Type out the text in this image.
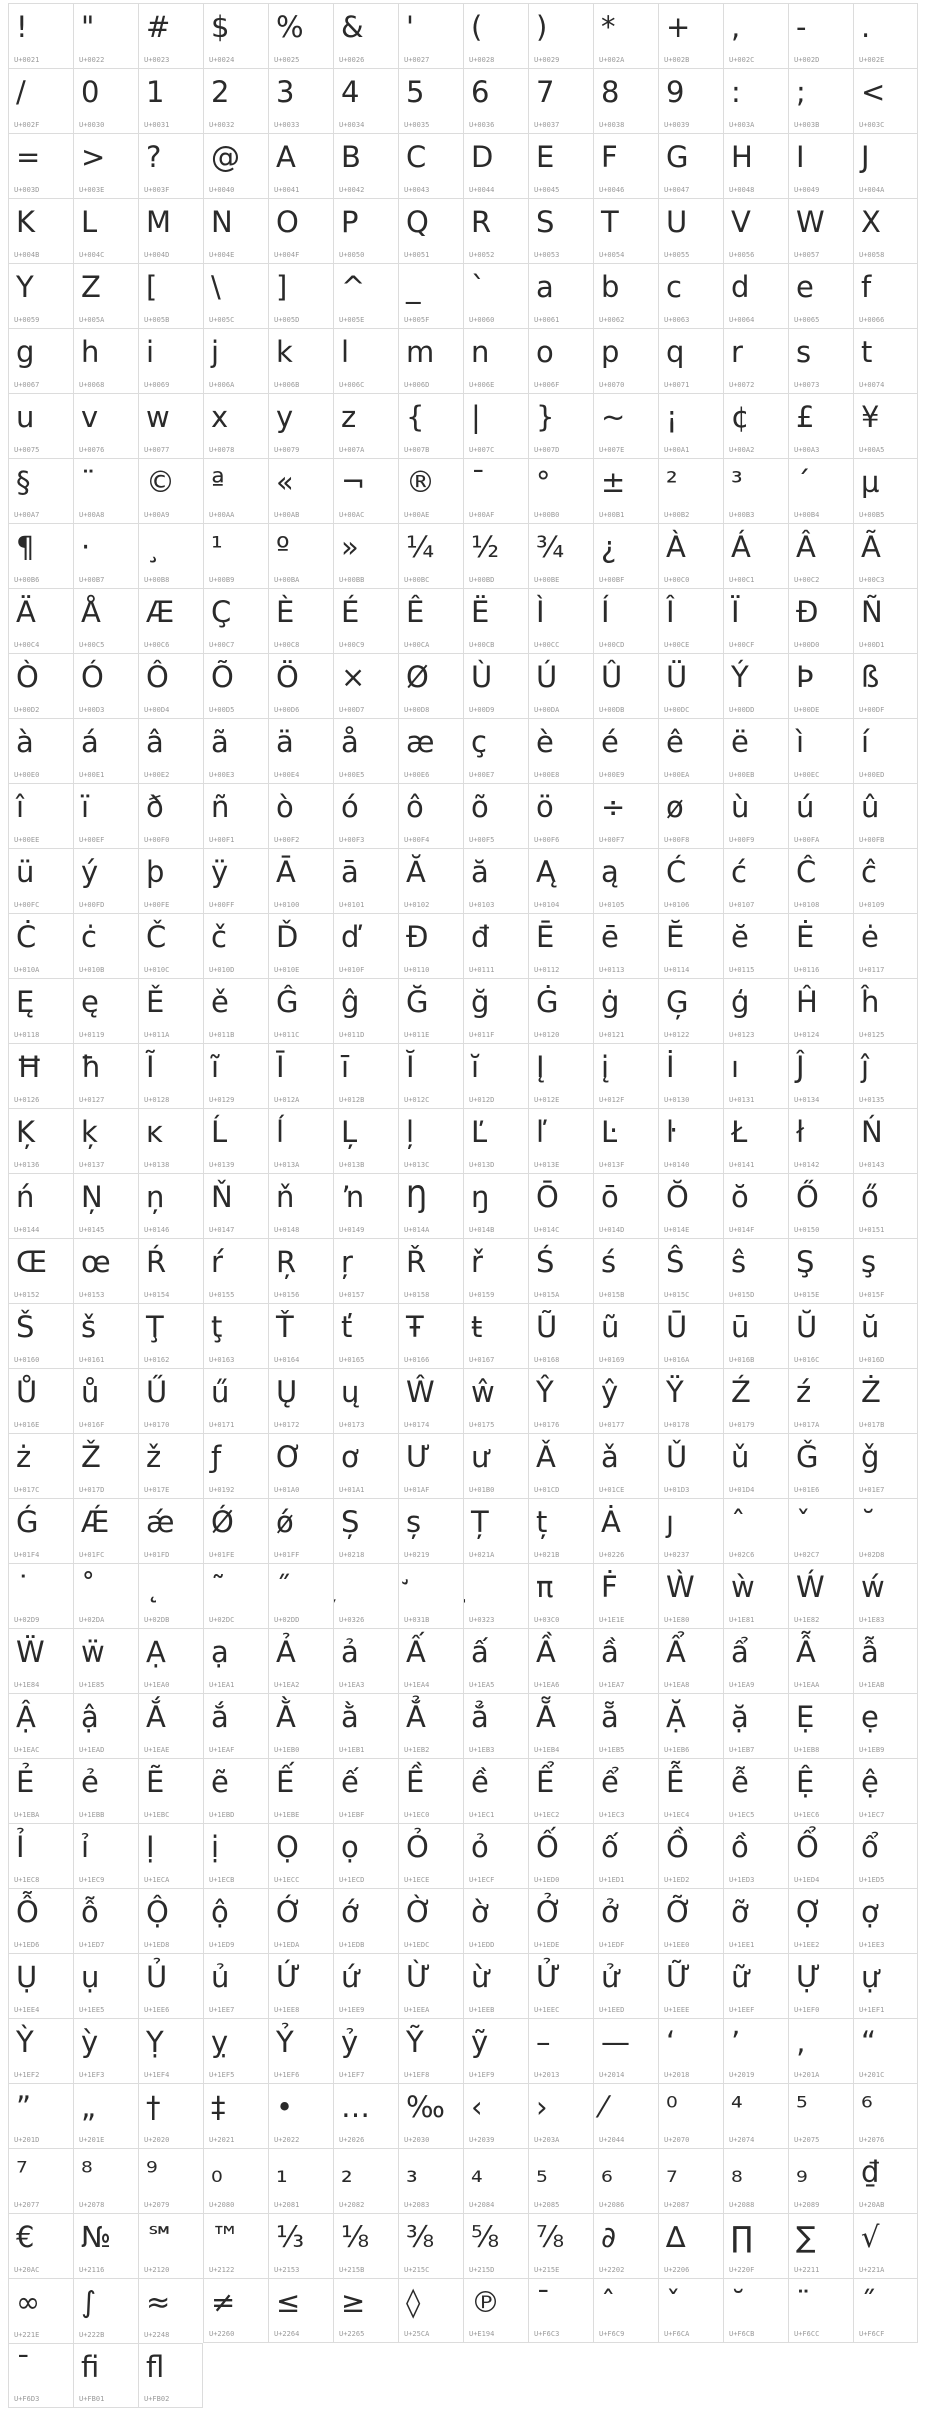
!
U+0021
"
U+0022
#
U+0023
$
U+0024
%
U+0025
&
U+0026
'
U+0027
(
U+0028
)
U+0029
*
U+002A
+
U+002B
,
U+002C
-
U+002D
.
U+002E
/
U+002F
0
U+0030
1
U+0031
2
U+0032
3
U+0033
4
U+0034
5
U+0035
6
U+0036
7
U+0037
8
U+0038
9
U+0039
:
U+003A
;
U+003B
<
U+003C
=
U+003D
>
U+003E
?
U+003F
@
U+0040
A
U+0041
B
U+0042
C
U+0043
D
U+0044
E
U+0045
F
U+0046
G
U+0047
H
U+0048
I
U+0049
J
U+004A
K
U+004B
L
U+004C
M
U+004D
N
U+004E
O
U+004F
P
U+0050
Q
U+0051
R
U+0052
S
U+0053
T
U+0054
U
U+0055
V
U+0056
W
U+0057
X
U+0058
Y
U+0059
Z
U+005A
[
U+005B
\
U+005C
]
U+005D
^
U+005E
_
U+005F
`
U+0060
a
U+0061
b
U+0062
c
U+0063
d
U+0064
e
U+0065
f
U+0066
g
U+0067
h
U+0068
i
U+0069
j
U+006A
k
U+006B
l
U+006C
m
U+006D
n
U+006E
o
U+006F
p
U+0070
q
U+0071
r
U+0072
s
U+0073
t
U+0074
u
U+0075
v
U+0076
w
U+0077
x
U+0078
y
U+0079
z
U+007A
{
U+007B
|
U+007C
}
U+007D
~
U+007E
¡
U+00A1
¢
U+00A2
£
U+00A3
¥
U+00A5
§
U+00A7
¨
U+00A8
©
U+00A9
ª
U+00AA
«
U+00AB
¬
U+00AC
®
U+00AE
¯
U+00AF
°
U+00B0
±
U+00B1
²
U+00B2
³
U+00B3
´
U+00B4
µ
U+00B5
¶
U+00B6
·
U+00B7
¸
U+00B8
¹
U+00B9
º
U+00BA
»
U+00BB
¼
U+00BC
½
U+00BD
¾
U+00BE
¿
U+00BF
À
U+00C0
Á
U+00C1
Â
U+00C2
Ã
U+00C3
Ä
U+00C4
Å
U+00C5
Æ
U+00C6
Ç
U+00C7
È
U+00C8
É
U+00C9
Ê
U+00CA
Ë
U+00CB
Ì
U+00CC
Í
U+00CD
Î
U+00CE
Ï
U+00CF
Ð
U+00D0
Ñ
U+00D1
Ò
U+00D2
Ó
U+00D3
Ô
U+00D4
Õ
U+00D5
Ö
U+00D6
×
U+00D7
Ø
U+00D8
Ù
U+00D9
Ú
U+00DA
Û
U+00DB
Ü
U+00DC
Ý
U+00DD
Þ
U+00DE
ß
U+00DF
à
U+00E0
á
U+00E1
â
U+00E2
ã
U+00E3
ä
U+00E4
å
U+00E5
æ
U+00E6
ç
U+00E7
è
U+00E8
é
U+00E9
ê
U+00EA
ë
U+00EB
ì
U+00EC
í
U+00ED
î
U+00EE
ï
U+00EF
ð
U+00F0
ñ
U+00F1
ò
U+00F2
ó
U+00F3
ô
U+00F4
õ
U+00F5
ö
U+00F6
÷
U+00F7
ø
U+00F8
ù
U+00F9
ú
U+00FA
û
U+00FB
ü
U+00FC
ý
U+00FD
þ
U+00FE
ÿ
U+00FF
Ā
U+0100
ā
U+0101
Ă
U+0102
ă
U+0103
Ą
U+0104
ą
U+0105
Ć
U+0106
ć
U+0107
Ĉ
U+0108
ĉ
U+0109
Ċ
U+010A
ċ
U+010B
Č
U+010C
č
U+010D
Ď
U+010E
ď
U+010F
Đ
U+0110
đ
U+0111
Ē
U+0112
ē
U+0113
Ĕ
U+0114
ĕ
U+0115
Ė
U+0116
ė
U+0117
Ę
U+0118
ę
U+0119
Ě
U+011A
ě
U+011B
Ĝ
U+011C
ĝ
U+011D
Ğ
U+011E
ğ
U+011F
Ġ
U+0120
ġ
U+0121
Ģ
U+0122
ģ
U+0123
Ĥ
U+0124
ĥ
U+0125
Ħ
U+0126
ħ
U+0127
Ĩ
U+0128
ĩ
U+0129
Ī
U+012A
ī
U+012B
Ĭ
U+012C
ĭ
U+012D
Į
U+012E
į
U+012F
İ
U+0130
ı
U+0131
Ĵ
U+0134
ĵ
U+0135
Ķ
U+0136
ķ
U+0137
ĸ
U+0138
Ĺ
U+0139
ĺ
U+013A
Ļ
U+013B
ļ
U+013C
Ľ
U+013D
ľ
U+013E
Ŀ
U+013F
ŀ
U+0140
Ł
U+0141
ł
U+0142
Ń
U+0143
ń
U+0144
Ņ
U+0145
ņ
U+0146
Ň
U+0147
ň
U+0148
ŉ
U+0149
Ŋ
U+014A
ŋ
U+014B
Ō
U+014C
ō
U+014D
Ŏ
U+014E
ŏ
U+014F
Ő
U+0150
ő
U+0151
Œ
U+0152
œ
U+0153
Ŕ
U+0154
ŕ
U+0155
Ŗ
U+0156
ŗ
U+0157
Ř
U+0158
ř
U+0159
Ś
U+015A
ś
U+015B
Ŝ
U+015C
ŝ
U+015D
Ş
U+015E
ş
U+015F
Š
U+0160
š
U+0161
Ţ
U+0162
ţ
U+0163
Ť
U+0164
ť
U+0165
Ŧ
U+0166
ŧ
U+0167
Ũ
U+0168
ũ
U+0169
Ū
U+016A
ū
U+016B
Ŭ
U+016C
ŭ
U+016D
Ů
U+016E
ů
U+016F
Ű
U+0170
ű
U+0171
Ų
U+0172
ų
U+0173
Ŵ
U+0174
ŵ
U+0175
Ŷ
U+0176
ŷ
U+0177
Ÿ
U+0178
Ź
U+0179
ź
U+017A
Ż
U+017B
ż
U+017C
Ž
U+017D
ž
U+017E
ƒ
U+0192
Ơ
U+01A0
ơ
U+01A1
Ư
U+01AF
ư
U+01B0
Ǎ
U+01CD
ǎ
U+01CE
Ǔ
U+01D3
ǔ
U+01D4
Ǧ
U+01E6
ǧ
U+01E7
Ǵ
U+01F4
Ǽ
U+01FC
ǽ
U+01FD
Ǿ
U+01FE
ǿ
U+01FF
Ș
U+0218
ș
U+0219
Ț
U+021A
ț
U+021B
Ȧ
U+0226
ȷ
U+0237
ˆ
U+02C6
ˇ
U+02C7
˘
U+02D8
˙
U+02D9
˚
U+02DA
˛
U+02DB
˜
U+02DC
˝
U+02DD	U+0326	U+031B	U+0323
π
U+03C0
Ḟ
U+1E1E
Ẁ
U+1E80
ẁ
U+1E81
Ẃ
U+1E82
ẃ
U+1E83
Ẅ
U+1E84
ẅ
U+1E85
Ạ
U+1EA0
ạ
U+1EA1
Ả
U+1EA2
ả
U+1EA3
Ấ
U+1EA4
ấ
U+1EA5
Ầ
U+1EA6
ầ
U+1EA7
Ẩ
U+1EA8
ẩ
U+1EA9
Ẫ
U+1EAA
ẫ
U+1EAB
Ậ
U+1EAC
ậ
U+1EAD
Ắ
U+1EAE
ắ
U+1EAF
Ằ
U+1EB0
ằ
U+1EB1
Ẳ
U+1EB2
ẳ
U+1EB3
Ẵ
U+1EB4
ẵ
U+1EB5
Ặ
U+1EB6
ặ
U+1EB7
Ẹ
U+1EB8
ẹ
U+1EB9
Ẻ
U+1EBA
ẻ
U+1EBB
Ẽ
U+1EBC
ẽ
U+1EBD
Ế
U+1EBE
ế
U+1EBF
Ề
U+1EC0
ề
U+1EC1
Ể
U+1EC2
ể
U+1EC3
Ễ
U+1EC4
ễ
U+1EC5
Ệ
U+1EC6
ệ
U+1EC7
Ỉ
U+1EC8
ỉ
U+1EC9
Ị
U+1ECA
ị
U+1ECB
Ọ
U+1ECC
ọ
U+1ECD
Ỏ
U+1ECE
ỏ
U+1ECF
Ố
U+1ED0
ố
U+1ED1
Ồ
U+1ED2
ồ
U+1ED3
Ổ
U+1ED4
ổ
U+1ED5
Ỗ
U+1ED6
ỗ
U+1ED7
Ộ
U+1ED8
ộ
U+1ED9
Ớ
U+1EDA
ớ
U+1EDB
Ờ
U+1EDC
ờ
U+1EDD
Ở
U+1EDE
ở
U+1EDF
Ỡ
U+1EE0
ỡ
U+1EE1
Ợ
U+1EE2
ợ
U+1EE3
Ụ
U+1EE4
ụ
U+1EE5
Ủ
U+1EE6
ủ
U+1EE7
Ứ
U+1EE8
ứ
U+1EE9
Ừ
U+1EEA
ừ
U+1EEB
Ử
U+1EEC
ử
U+1EED
Ữ
U+1EEE
ữ
U+1EEF
Ự
U+1EF0
ự
U+1EF1
Ỳ
U+1EF2
ỳ
U+1EF3
Ỵ
U+1EF4
ỵ
U+1EF5
Ỷ
U+1EF6
ỷ
U+1EF7
Ỹ
U+1EF8
ỹ
U+1EF9
–
U+2013
—
U+2014
‘
U+2018
’
U+2019
‚
U+201A
“
U+201C
”
U+201D
„
U+201E
†
U+2020
‡
U+2021
•
U+2022
…
U+2026
‰
U+2030
‹
U+2039
›
U+203A
⁄
U+2044
⁰
U+2070
⁴
U+2074
⁵
U+2075
⁶
U+2076
⁷
U+2077
⁸
U+2078
⁹
U+2079
₀
U+2080
₁
U+2081
₂
U+2082
₃
U+2083
₄
U+2084
₅
U+2085
₆
U+2086
₇
U+2087
₈
U+2088
₉
U+2089
₫
U+20AB
€
U+20AC
№
U+2116
℠
U+2120
™
U+2122
⅓
U+2153
⅛
U+215B
⅜
U+215C
⅝
U+215D
⅞
U+215E
∂
U+2202
∆
U+2206
∏
U+220F
∑
U+2211
√
U+221A
∞
U+221E
∫
U+222B
≈
U+2248
≠
U+2260
≤
U+2264
≥
U+2265
◊
U+25CA
℗
U+E194
ˉ
U+F6C3
ˆ
U+F6C9
ˇ
U+F6CA
˘
U+F6CB
¨
U+F6CC
˝
U+F6CF
¯
U+F6D3
ﬁ
U+FB01
ﬂ
U+FB02
